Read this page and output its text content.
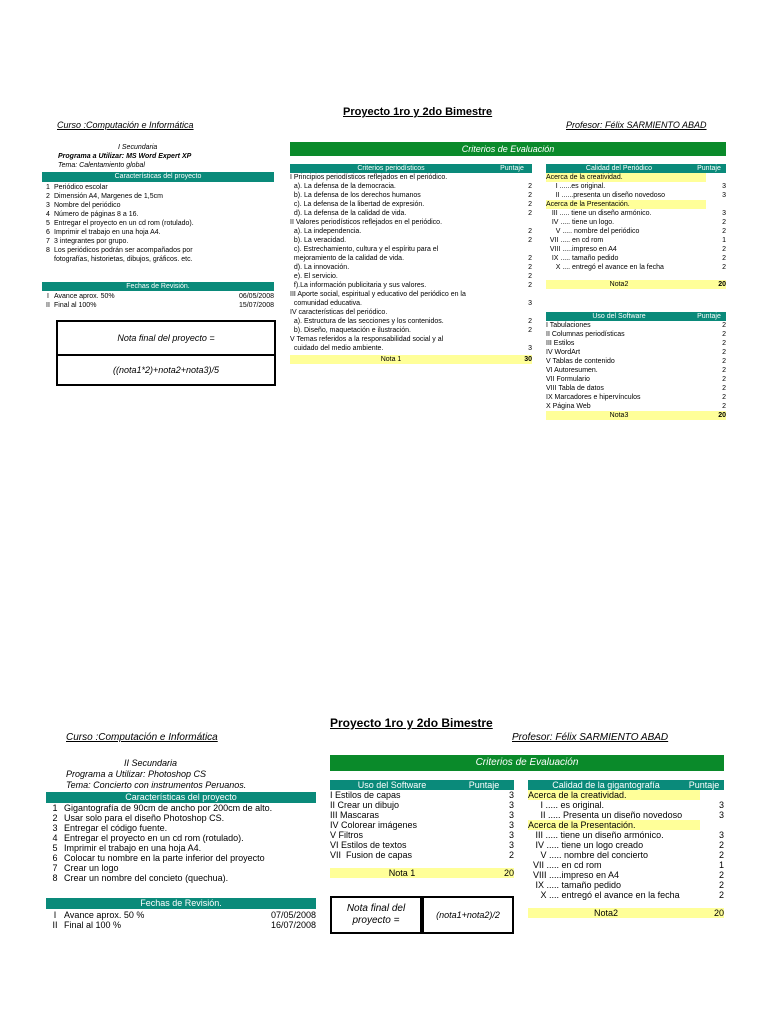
Proyecto 1ro y 2do Bimestre
Curso :Computación e Informática	Profesor: Félix SARMIENTO ABAD
I Secundaria
Programa a Utilizar: MS Word Expert XP
Tema: Calentamiento global
Características del proyecto
1 Periódico escolar
2 Dimensión A4, Margenes de 1,5cm
3 Nombre del periódico
4 Número de páginas 8 a 16.
5 Entregar el proyecto en un cd rom (rotulado).
6 Imprimir el trabajo en una hoja A4.
7 3 integrantes por grupo.
8 Los periódicos podrán ser acompañados por
fotografías, historietas, dibujos, gráficos. etc.
Fechas de Revisión.
I Avance aprox. 50%	06/05/2008
II Final al 100%	15/07/2008
Nota final del proyecto =
((nota1*2)+nota2+nota3)/5
Criterios de Evaluación
Criterios periodísticos	Puntaje
I Principios periodísticos reflejados en el periódico.
a). La defensa de la democracia.	2
b). La defensa de los derechos humanos	2
c). La defensa de la libertad de expresión.	2
d). La defensa de la calidad de vida.	2
II Valores periodísticos reflejados en el periódico.
a). La independencia.	2
b). La veracidad.	2
c). Estrechamiento, cultura y el espíritu para el
mejoramiento de la calidad de vida.	2
d). La innovación.	2
e). El servicio.	2
f).La información publicitaria y sus valores.	2
III Aporte social, espiritual y educativo del periódico en la
comunidad educativa.	3
IV características del periódico.
a). Estructura de las secciones y los contenidos.	2
b). Diseño, maquetación e ilustración.	2
V Temas referidos a la responsabilidad social y al
cuidado del medio ambiente.	3
Nota 1	30
Calidad del Periódico	Puntaje
Acerca de la creatividad.
I ......es original.	3
II ......presenta un diseño novedoso	3
Acerca de la Presentación.
III ..... tiene un diseño armónico.	3
IV ..... tiene un logo.	2
V ..... nombre del periódico	2
VII ..... en cd rom	1
VIII .....impreso en A4	2
IX ..... tamaño pedido	2
X .... entregó el avance en la fecha	2
Nota2	20
Uso del Software	Puntaje
I Tabulaciones	2
II Columnas periodísticas	2
III Estilos	2
IV WordArt	2
V Tablas de contenido	2
VI Autoresumen.	2
VII Formulario	2
VIII Tabla de datos	2
IX Marcadores e hipervínculos	2
X Página Web	2
Nota3	20
Proyecto 1ro y 2do Bimestre
Curso :Computación e Informática	Profesor: Félix SARMIENTO ABAD
II Secundaria
Programa a Utilizar: Photoshop CS
Tema: Concierto con instrumentos Peruanos.
Características del proyecto
1 Gigantografía de 90cm de ancho por 200cm de alto.
2 Usar solo para el diseño Photoshop CS.
3 Entregar el código fuente.
4 Entregar el proyecto en un cd rom (rotulado).
5 Imprimir el trabajo en una hoja A4.
6 Colocar tu nombre en la parte inferior del proyecto
7 Crear un logo
8 Crear un nombre del concieto (quechua).
Fechas de Revisión.
I Avance aprox. 50 %	07/05/2008
II Final al 100 %	16/07/2008
Criterios de Evaluación
Uso del Software	Puntaje
I Estilos de capas	3
II Crear un dibujo	3
III Mascaras	3
IV Colorear imágenes	3
V Filtros	3
VI Estilos de textos	3
VII  Fusion de capas	2
Nota 1	20
Nota final del proyecto =	(nota1+nota2)/2
Calidad de la gigantografía	Puntaje
Acerca de la creatividad.
I ..... es original.	3
II ..... Presenta un diseño novedoso	3
Acerca de la Presentación.
III ..... tiene un diseño armónico.	3
IV ..... tiene un logo creado	2
V ..... nombre del concierto	2
VII ..... en cd rom	1
VIII .....impreso en A4	2
IX ..... tamaño pedido	2
X .... entregó el avance en la fecha	2
Nota2	20
